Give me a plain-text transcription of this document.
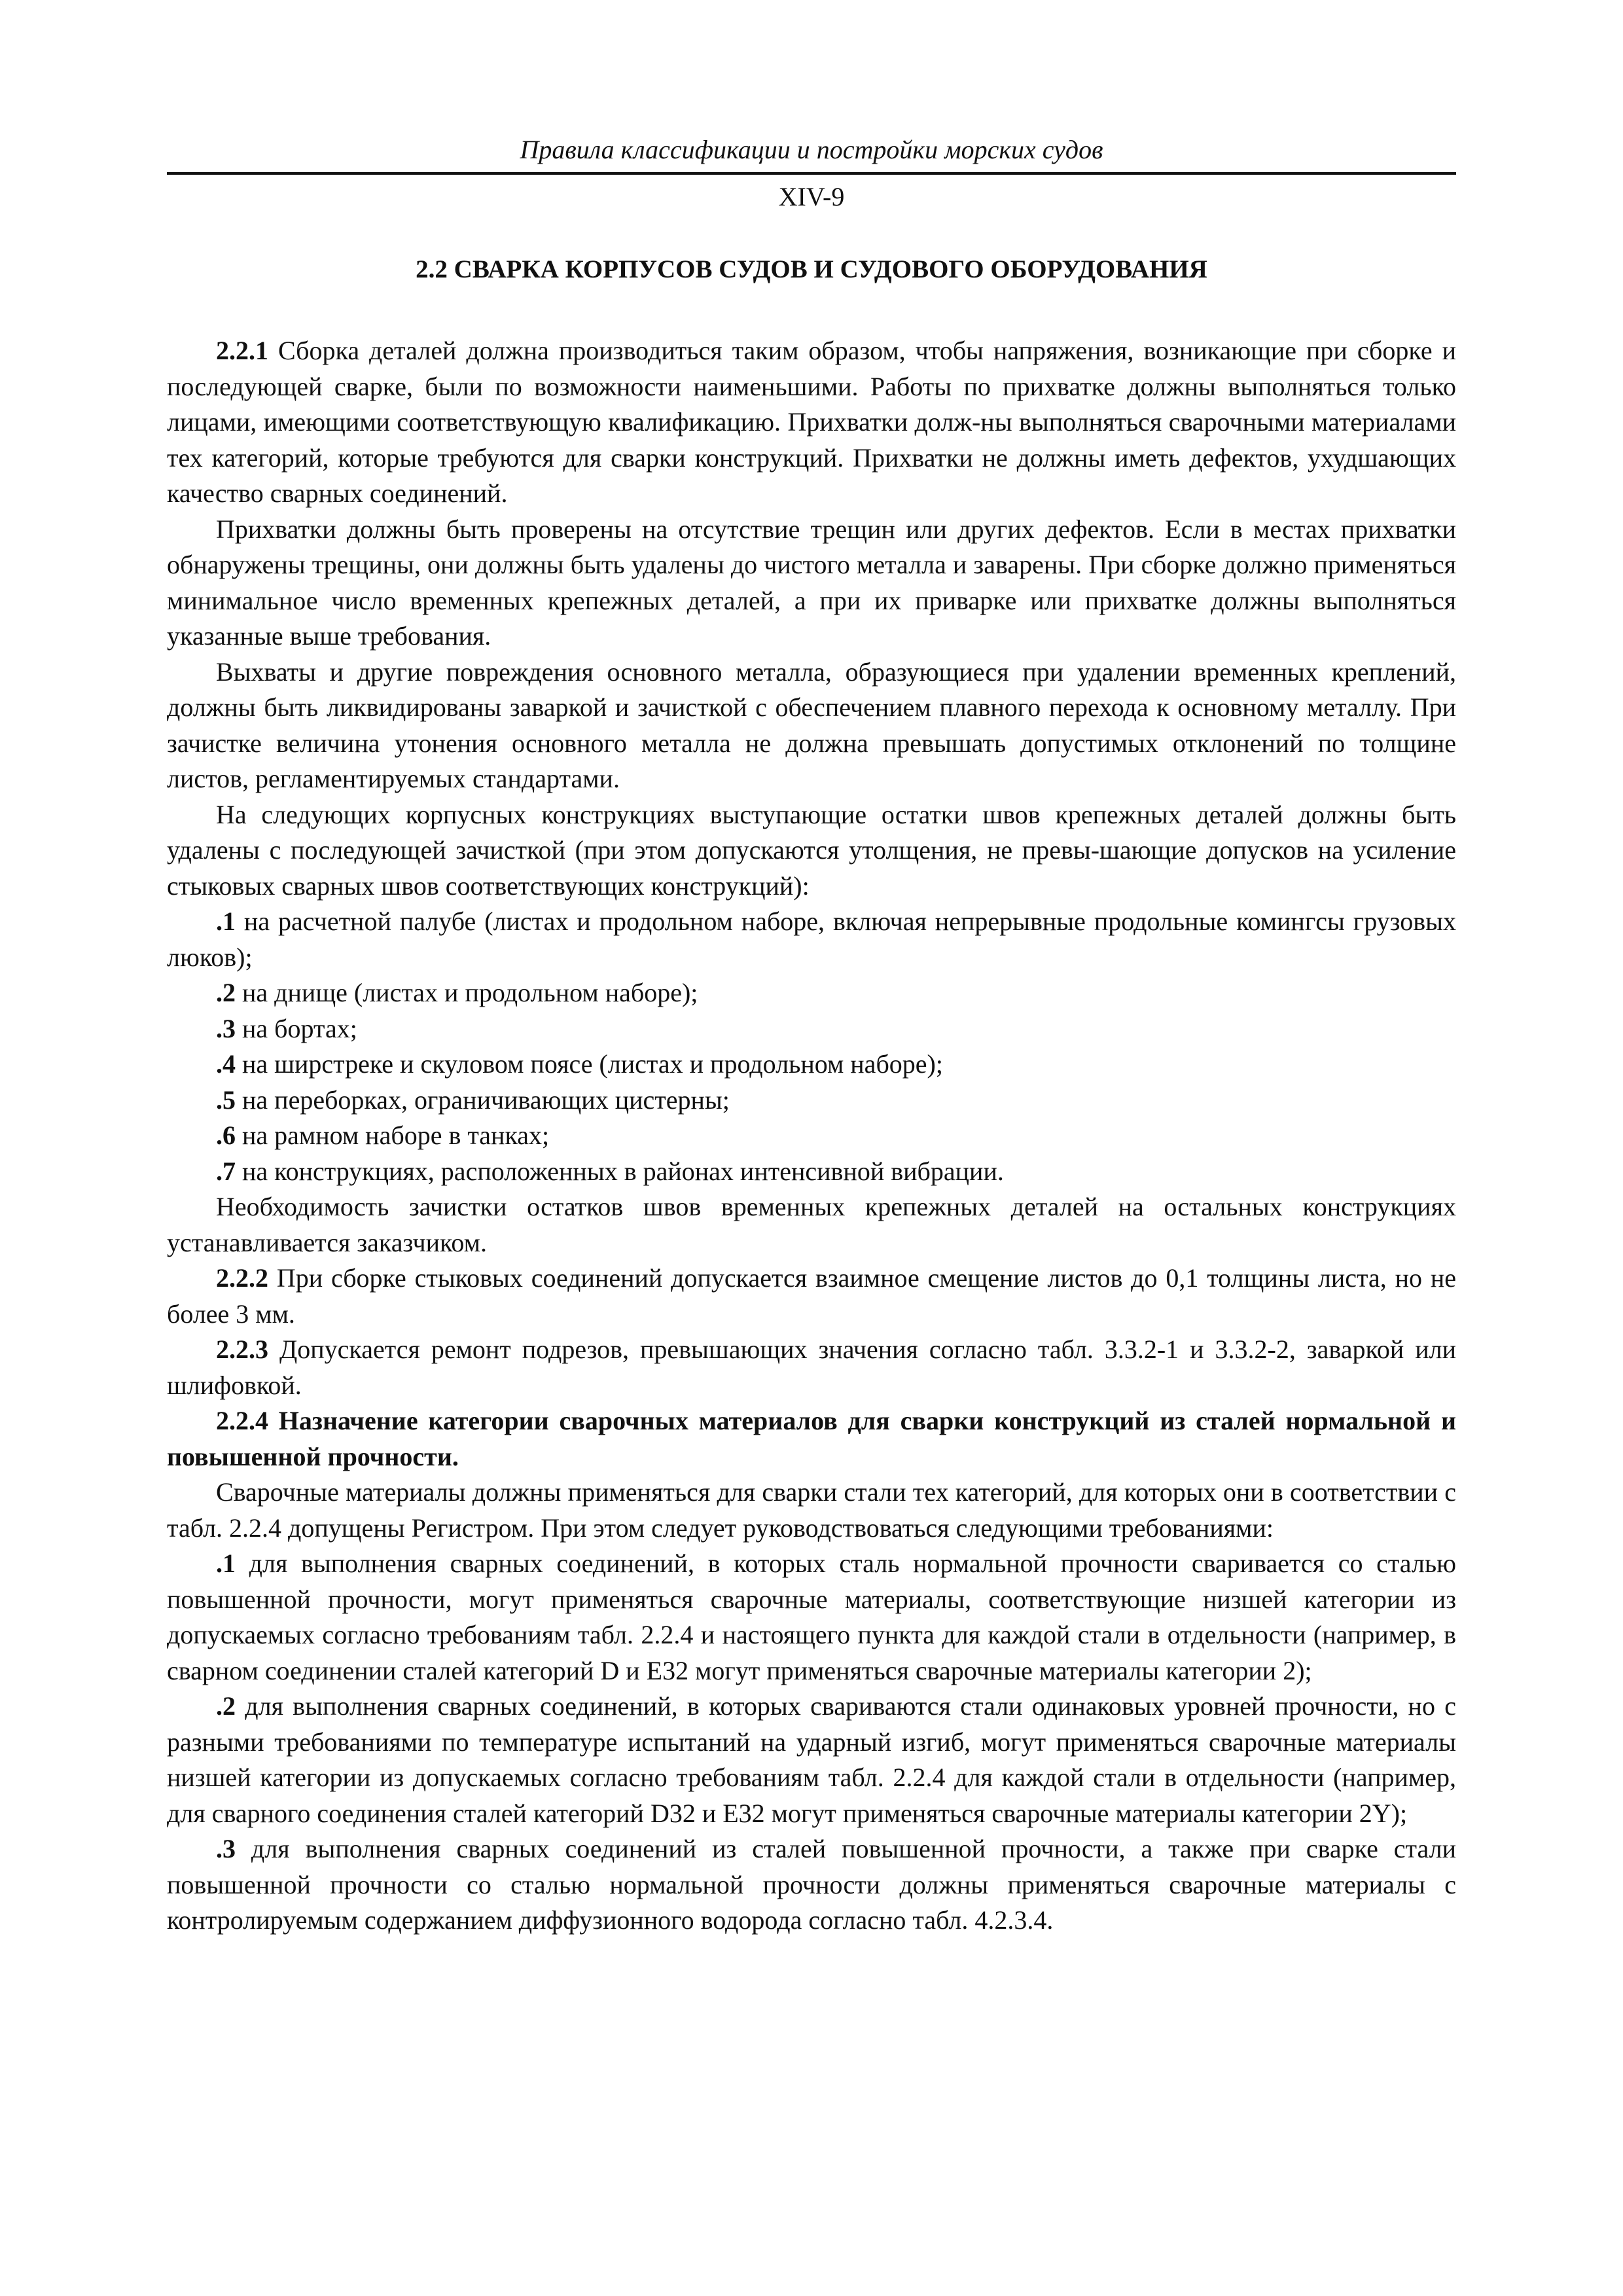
Правила классификации и постройки морских судов
XIV-9
2.2 СВАРКА КОРПУСОВ СУДОВ И СУДОВОГО ОБОРУДОВАНИЯ

2.2.1 Сборка деталей должна производиться таким образом, чтобы напряжения, возникающие при сборке и последующей сварке, были по возможности наименьшими. Работы по прихватке должны выполняться только лицами, имеющими соответствующую квалификацию. Прихватки долж-ны выполняться сварочными материалами тех категорий, которые требуются для сварки конструкций. Прихватки не должны иметь дефектов, ухудшающих качество сварных соединений.

Прихватки должны быть проверены на отсутствие трещин или других дефектов. Если в местах прихватки обнаружены трещины, они должны быть удалены до чистого металла и заварены. При сборке должно применяться минимальное число временных крепежных деталей, а при их приварке или прихватке должны выполняться указанные выше требования.

Выхваты и другие повреждения основного металла, образующиеся при удалении временных креплений, должны быть ликвидированы заваркой и зачисткой с обеспечением плавного перехода к основному металлу. При зачистке величина утонения основного металла не должна превышать допустимых отклонений по толщине листов, регламентируемых стандартами.

На следующих корпусных конструкциях выступающие остатки швов крепежных деталей должны быть удалены с последующей зачисткой (при этом допускаются утолщения, не превы-шающие допусков на усиление стыковых сварных швов соответствующих конструкций):

.1 на расчетной палубе (листах и продольном наборе, включая непрерывные продольные комингсы грузовых люков);

.2 на днище (листах и продольном наборе);

.3 на бортах;

.4 на ширстреке и скуловом поясе (листах и продольном наборе);

.5 на переборках, ограничивающих цистерны;

.6 на рамном наборе в танках;

.7 на конструкциях, расположенных в районах интенсивной вибрации.

Необходимость зачистки остатков швов временных крепежных деталей на остальных конструкциях устанавливается заказчиком.

2.2.2 При сборке стыковых соединений допускается взаимное смещение листов до 0,1 толщины листа, но не более 3 мм.

2.2.3 Допускается ремонт подрезов, превышающих значения согласно табл. 3.3.2-1 и 3.3.2-2, заваркой или шлифовкой.

2.2.4 Назначение категории сварочных материалов для сварки конструкций из сталей нормальной и повышенной прочности.

Сварочные материалы должны применяться для сварки стали тех категорий, для которых они в соответствии с табл. 2.2.4 допущены Регистром. При этом следует руководствоваться следующими требованиями:

.1 для выполнения сварных соединений, в которых сталь нормальной прочности сваривается со сталью повышенной прочности, могут применяться сварочные материалы, соответствующие низшей категории из допускаемых согласно требованиям табл. 2.2.4 и настоящего пункта для каждой стали в отдельности (например, в сварном соединении сталей категорий D и E32 могут применяться сварочные материалы категории 2);

.2 для выполнения сварных соединений, в которых свариваются стали одинаковых уровней прочности, но с разными требованиями по температуре испытаний на ударный изгиб, могут применяться сварочные материалы низшей категории из допускаемых согласно требованиям табл. 2.2.4 для каждой стали в отдельности (например, для сварного соединения сталей категорий D32 и E32 могут применяться сварочные материалы категории 2Y);

.3 для выполнения сварных соединений из сталей повышенной прочности, а также при сварке стали повышенной прочности со сталью нормальной прочности должны применяться сварочные материалы с контролируемым содержанием диффузионного водорода согласно табл. 4.2.3.4.
